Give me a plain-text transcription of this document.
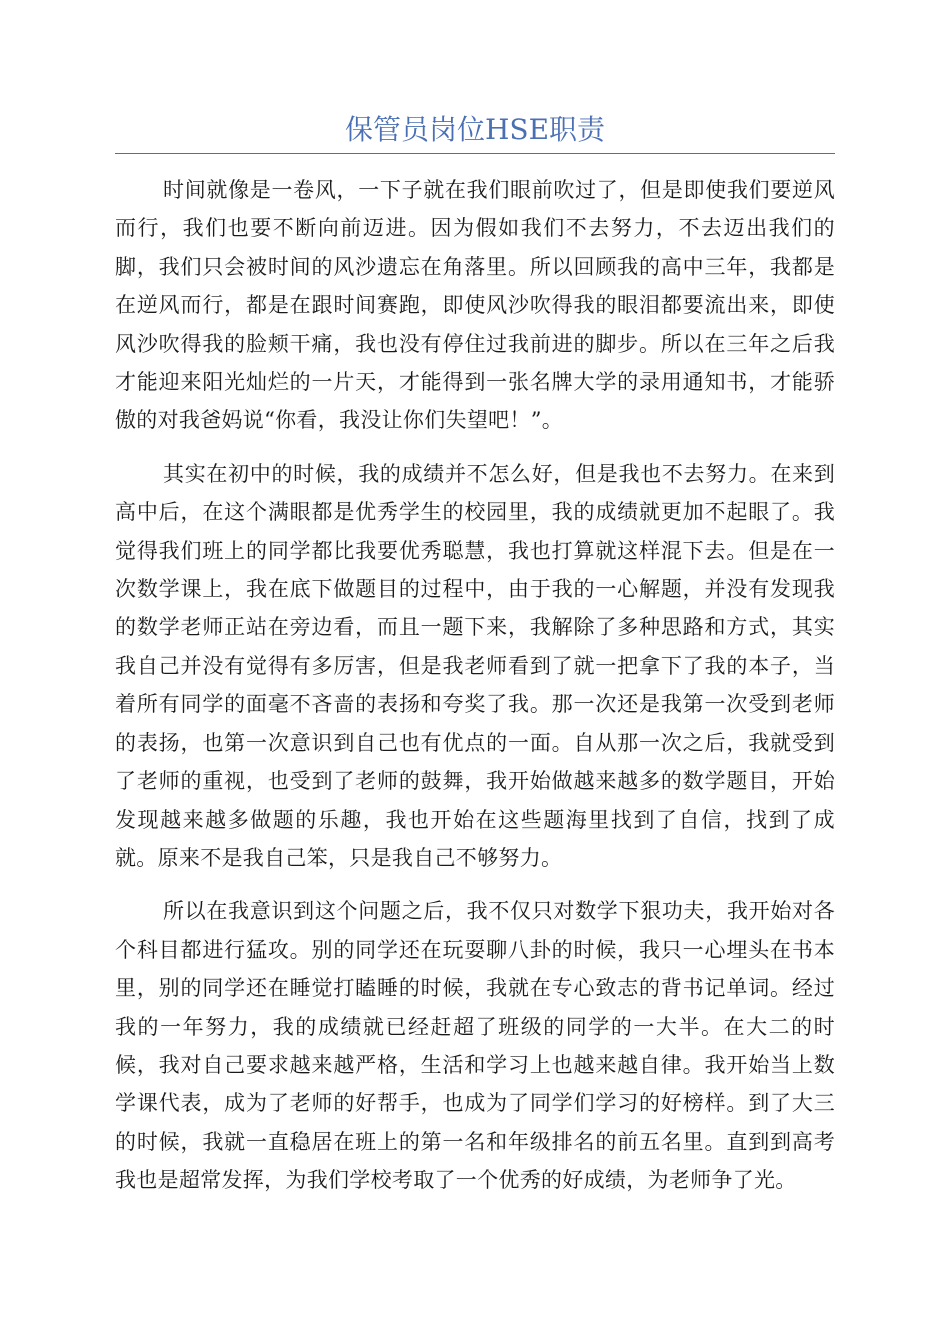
保管员岗位HSE职责

时间就像是一卷风，一下子就在我们眼前吹过了，但是即使我们要逆风而行，我们也要不断向前迈进。因为假如我们不去努力，不去迈出我们的脚，我们只会被时间的风沙遗忘在角落里。所以回顾我的高中三年，我都是在逆风而行，都是在跟时间赛跑，即使风沙吹得我的眼泪都要流出来，即使风沙吹得我的脸颊干痛，我也没有停住过我前进的脚步。所以在三年之后我才能迎来阳光灿烂的一片天，才能得到一张名牌大学的录用通知书，才能骄傲的对我爸妈说“你看，我没让你们失望吧！”。

其实在初中的时候，我的成绩并不怎么好，但是我也不去努力。在来到高中后，在这个满眼都是优秀学生的校园里，我的成绩就更加不起眼了。我觉得我们班上的同学都比我要优秀聪慧，我也打算就这样混下去。但是在一次数学课上，我在底下做题目的过程中，由于我的一心解题，并没有发现我的数学老师正站在旁边看，而且一题下来，我解除了多种思路和方式，其实我自己并没有觉得有多厉害，但是我老师看到了就一把拿下了我的本子，当着所有同学的面毫不吝啬的表扬和夸奖了我。那一次还是我第一次受到老师的表扬，也第一次意识到自己也有优点的一面。自从那一次之后，我就受到了老师的重视，也受到了老师的鼓舞，我开始做越来越多的数学题目，开始发现越来越多做题的乐趣，我也开始在这些题海里找到了自信，找到了成就。原来不是我自己笨，只是我自己不够努力。

所以在我意识到这个问题之后，我不仅只对数学下狠功夫，我开始对各个科目都进行猛攻。别的同学还在玩耍聊八卦的时候，我只一心埋头在书本里，别的同学还在睡觉打瞌睡的时候，我就在专心致志的背书记单词。经过我的一年努力，我的成绩就已经赶超了班级的同学的一大半。在大二的时候，我对自己要求越来越严格，生活和学习上也越来越自律。我开始当上数学课代表，成为了老师的好帮手，也成为了同学们学习的好榜样。到了大三的时候，我就一直稳居在班上的第一名和年级排名的前五名里。直到到高考我也是超常发挥，为我们学校考取了一个优秀的好成绩，为老师争了光。
